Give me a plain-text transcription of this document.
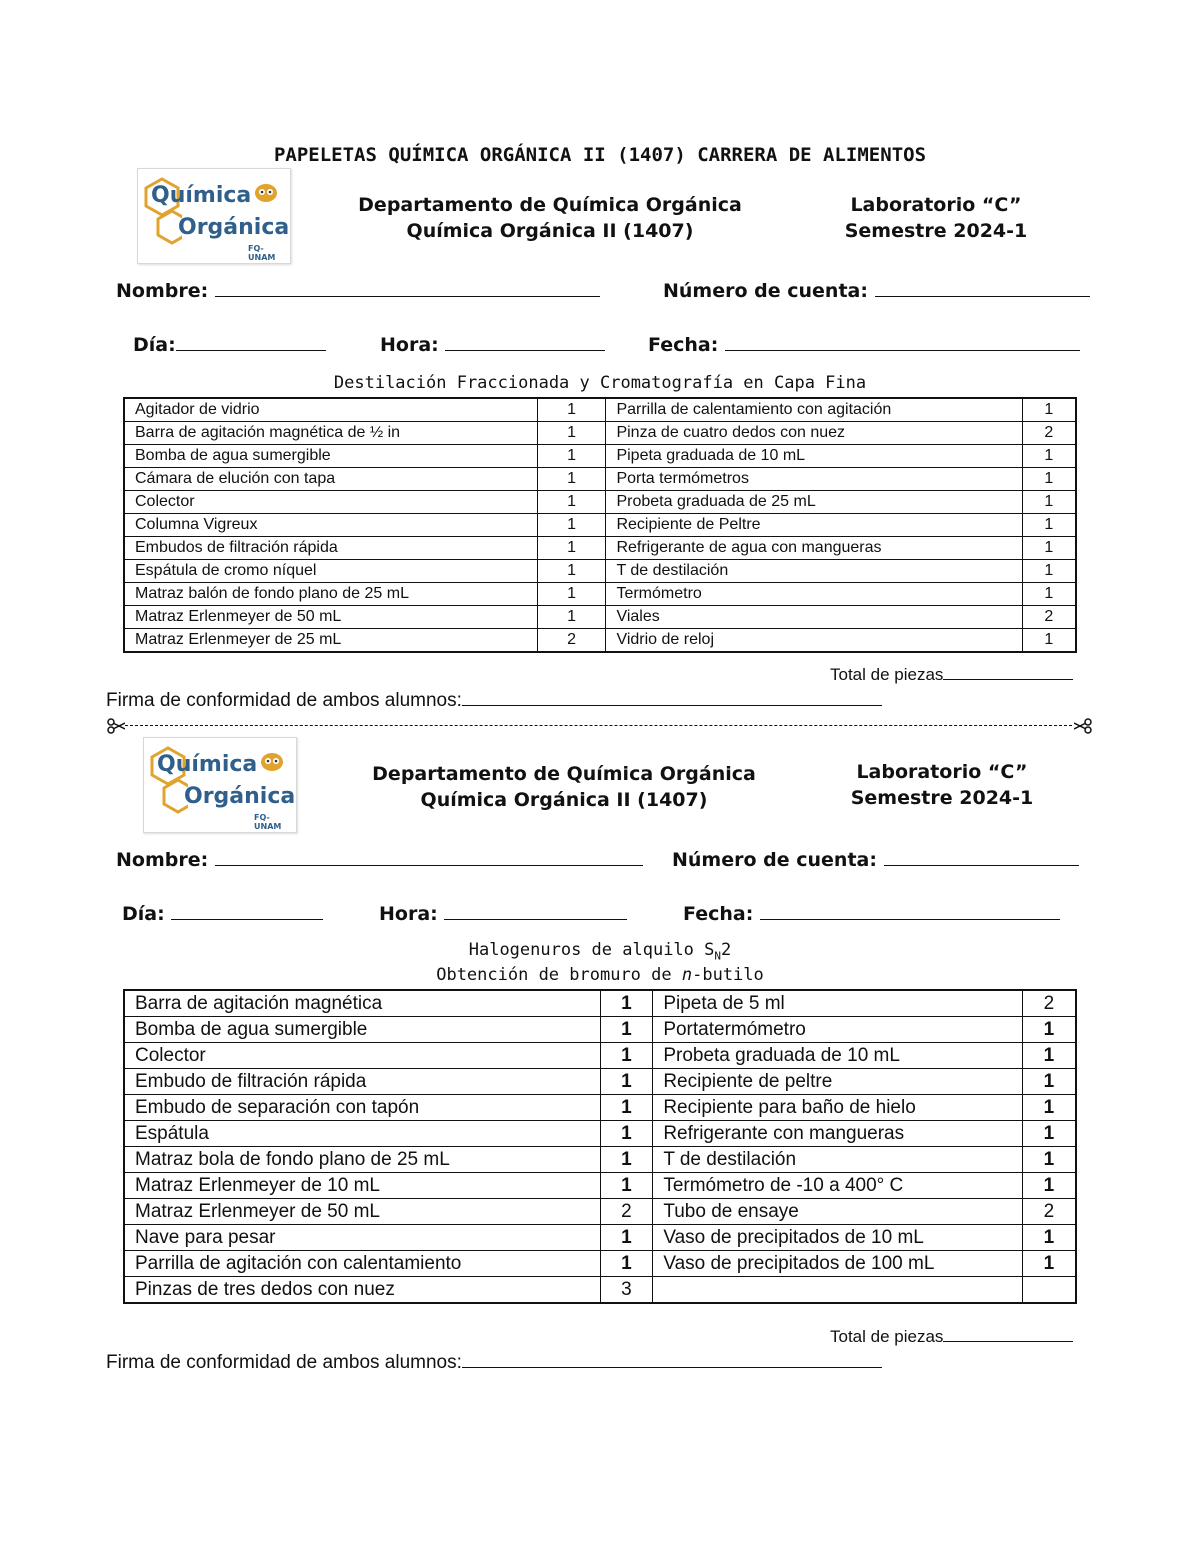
PAPELETAS QUÍMICA ORGÁNICA II (1407) CARRERA DE ALIMENTOS
Química
Orgánica
FQ-UNAM
Departamento de Química Orgánica
Química Orgánica II (1407)
Laboratorio “C”
Semestre 2024-1
Nombre:	Número de cuenta:
Día:	Hora:	Fecha:
Destilación Fraccionada y Cromatografía en Capa Fina
Agitador de vidrio	1	Parrilla de calentamiento con agitación	1
Barra de agitación magnética de ½ in	1	Pinza de cuatro dedos con nuez	2
Bomba de agua sumergible	1	Pipeta graduada de 10 mL	1
Cámara de elución con tapa	1	Porta termómetros	1
Colector	1	Probeta graduada de 25 mL	1
Columna Vigreux	1	Recipiente de Peltre	1
Embudos de filtración rápida	1	Refrigerante de agua con mangueras	1
Espátula de cromo níquel	1	T de destilación	1
Matraz balón de fondo plano de 25 mL	1	Termómetro	1
Matraz Erlenmeyer de 50 mL	1	Viales	2
Matraz Erlenmeyer de 25 mL	2	Vidrio de reloj	1
Total de piezas
Firma de conformidad de ambos alumnos:
Química
Orgánica
FQ-UNAM
Departamento de Química Orgánica
Química Orgánica II (1407)
Laboratorio “C”
Semestre 2024-1
Nombre:	Número de cuenta:
Día:	Hora:	Fecha:
Halogenuros de alquilo $S_N2$
Obtención de bromuro de n-butilo
Barra de agitación magnética	1	Pipeta de 5 ml	2
Bomba de agua sumergible	1	Portatermómetro	1
Colector	1	Probeta graduada de 10 mL	1
Embudo de filtración rápida	1	Recipiente de peltre	1
Embudo de separación con tapón	1	Recipiente para baño de hielo	1
Espátula	1	Refrigerante con mangueras	1
Matraz bola de fondo plano de 25 mL	1	T de destilación	1
Matraz Erlenmeyer de 10 mL	1	Termómetro de -10 a 400° C	1
Matraz Erlenmeyer de 50 mL	2	Tubo de ensaye	2
Nave para pesar	1	Vaso de precipitados de 10 mL	1
Parrilla de agitación con calentamiento	1	Vaso de precipitados de 100 mL	1
Pinzas de tres dedos con nuez	3		
Total de piezas
Firma de conformidad de ambos alumnos:
